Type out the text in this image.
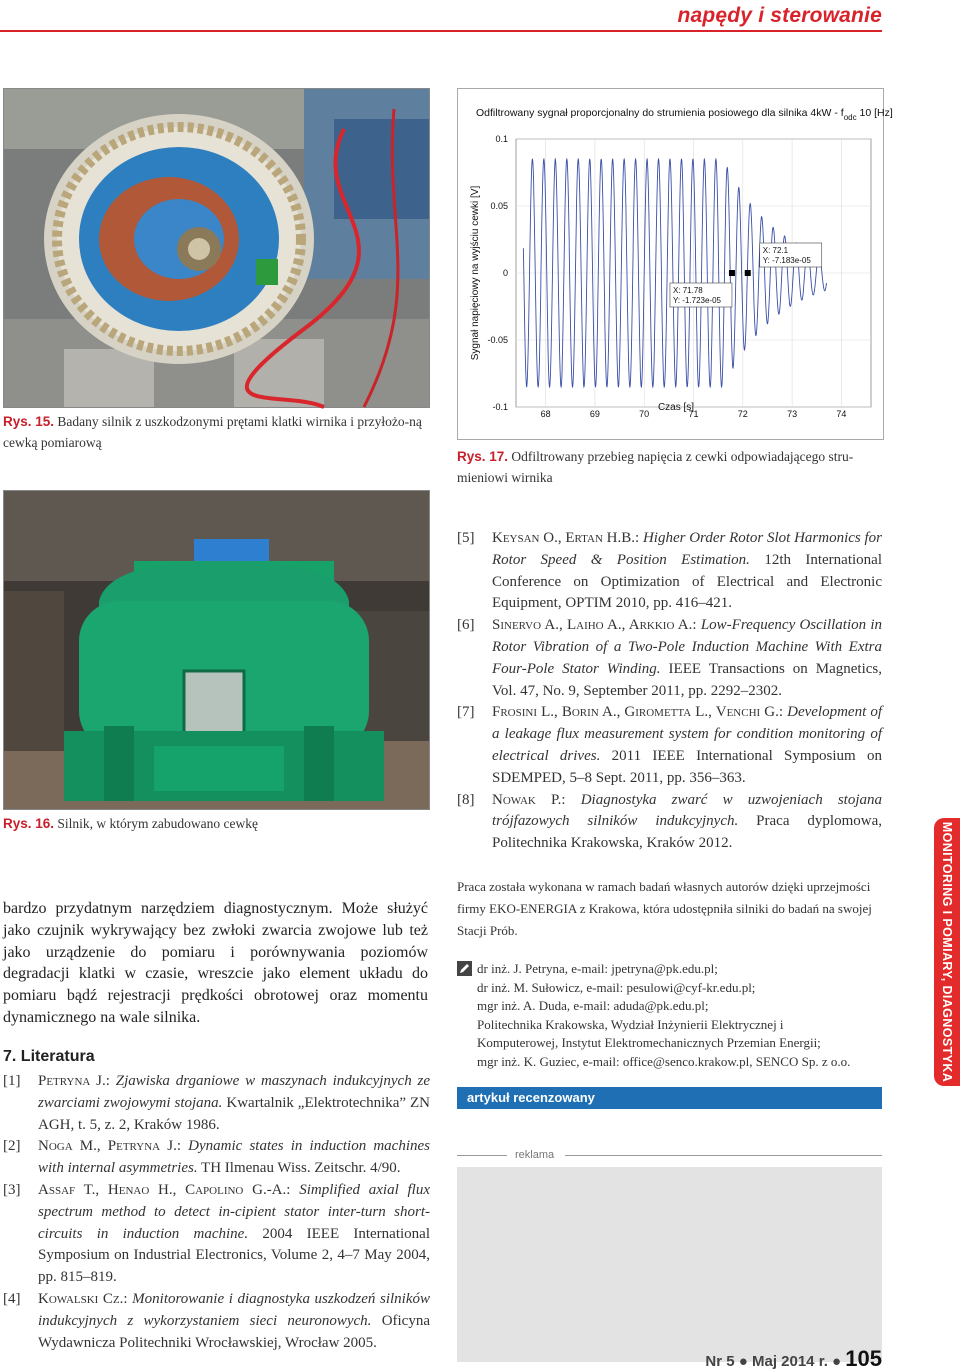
napędy i sterowanie
Rys. 15. Badany silnik z uszkodzonymi prętami klatki wirnika i przyłożo-ną cewką pomiarową
Odfiltrowany sygnał proporcjonalny do strumienia posiowego dla silnika $4kW - f_{odc}$ 10 [Hz]
68	69	70	71	72	73	74
0.1
0.05
0
-0.05
-0.1
X: 71.78
Y: -1.723e-05
X: 72.1
Y: -7.183e-05
Sygnał napięciowy na wyjściu cewki [V]
Czas [s]
Rys. 17. Odfiltrowany przebieg napięcia z cewki odpowiadającego stru-mieniowi wirnika
Rys. 16. Silnik, w którym zabudowano cewkę
bardzo przydatnym narzędziem diagnostycznym. Może służyć jako czujnik wykrywający bez zwłoki zwarcia zwojowe lub też jako urządzenie do pomiaru i porównywania poziomów degradacji klatki w czasie, wreszcie jako element układu do pomiaru bądź rejestracji prędkości obrotowej oraz momentu dynamicznego na wale silnika.
7. Literatura
[1]	Petryna J.: Zjawiska drganiowe w maszynach indukcyjnych ze zwarciami zwojowymi stojana. Kwartalnik „Elektrotechnika” ZN AGH, t. 5, z. 2, Kraków 1986.
[2]	Noga M., Petryna J.: Dynamic states in induction machines with internal asymmetries. TH Ilmenau Wiss. Zeitschr. 4/90.
[3]	Assaf T., Henao H., Capolino G.-A.: Simplified axial flux spectrum method to detect in-cipient stator inter-turn short-circuits in induction machine. 2004 IEEE International Symposium on Industrial Electronics, Volume 2, 4–7 May 2004, pp. 815–819.
[4]	Kowalski Cz.: Monitorowanie i diagnostyka uszkodzeń silników indukcyjnych z wykorzystaniem sieci neuronowych. Oficyna Wydawnicza Politechniki Wrocławskiej, Wrocław 2005.
[5]	Keysan O., Ertan H.B.: Higher Order Rotor Slot Harmonics for Rotor Speed & Position Estimation. 12th International Conference on Optimization of Electrical and Electronic Equipment, OPTIM 2010, pp. 416–421.
[6]	Sinervo A., Laiho A., Arkkio A.: Low-Frequency Oscillation in Rotor Vibration of a Two-Pole Induction Machine With Extra Four-Pole Stator Winding. IEEE Transactions on Magnetics, Vol. 47, No. 9, September 2011, pp. 2292–2302.
[7]	Frosini L., Borin A., Girometta L., Venchi G.: Development of a leakage flux measurement system for condition monitoring of electrical drives. 2011 IEEE International Symposium on SDEMPED, 5–8 Sept. 2011, pp. 356–363.
[8]	Nowak P.: Diagnostyka zwarć w uzwojeniach stojana trójfazowych silników indukcyjnych. Praca dyplomowa, Politechnika Krakowska, Kraków 2012.
Praca została wykonana w ramach badań własnych autorów dzięki uprzejmości firmy EKO-ENERGIA z Krakowa, która udostępniła silniki do badań na swojej Stacji Prób.
dr inż. J. Petryna, e-mail: jpetryna@pk.edu.pl;
dr inż. M. Sułowicz, e-mail: pesulowi@cyf-kr.edu.pl;
mgr inż. A. Duda, e-mail: aduda@pk.edu.pl;
Politechnika Krakowska, Wydział Inżynierii Elektrycznej i
Komputerowej, Instytut Elektromechanicznych Przemian Energii;
mgr inż. K. Guziec, e-mail: office@senco.krakow.pl, SENCO Sp. z o.o.
artykuł recenzowany
reklama
MONITORING I POMIARY, DIAGNOSTYKA
Nr 5 ● Maj 2014 r. ● 105
